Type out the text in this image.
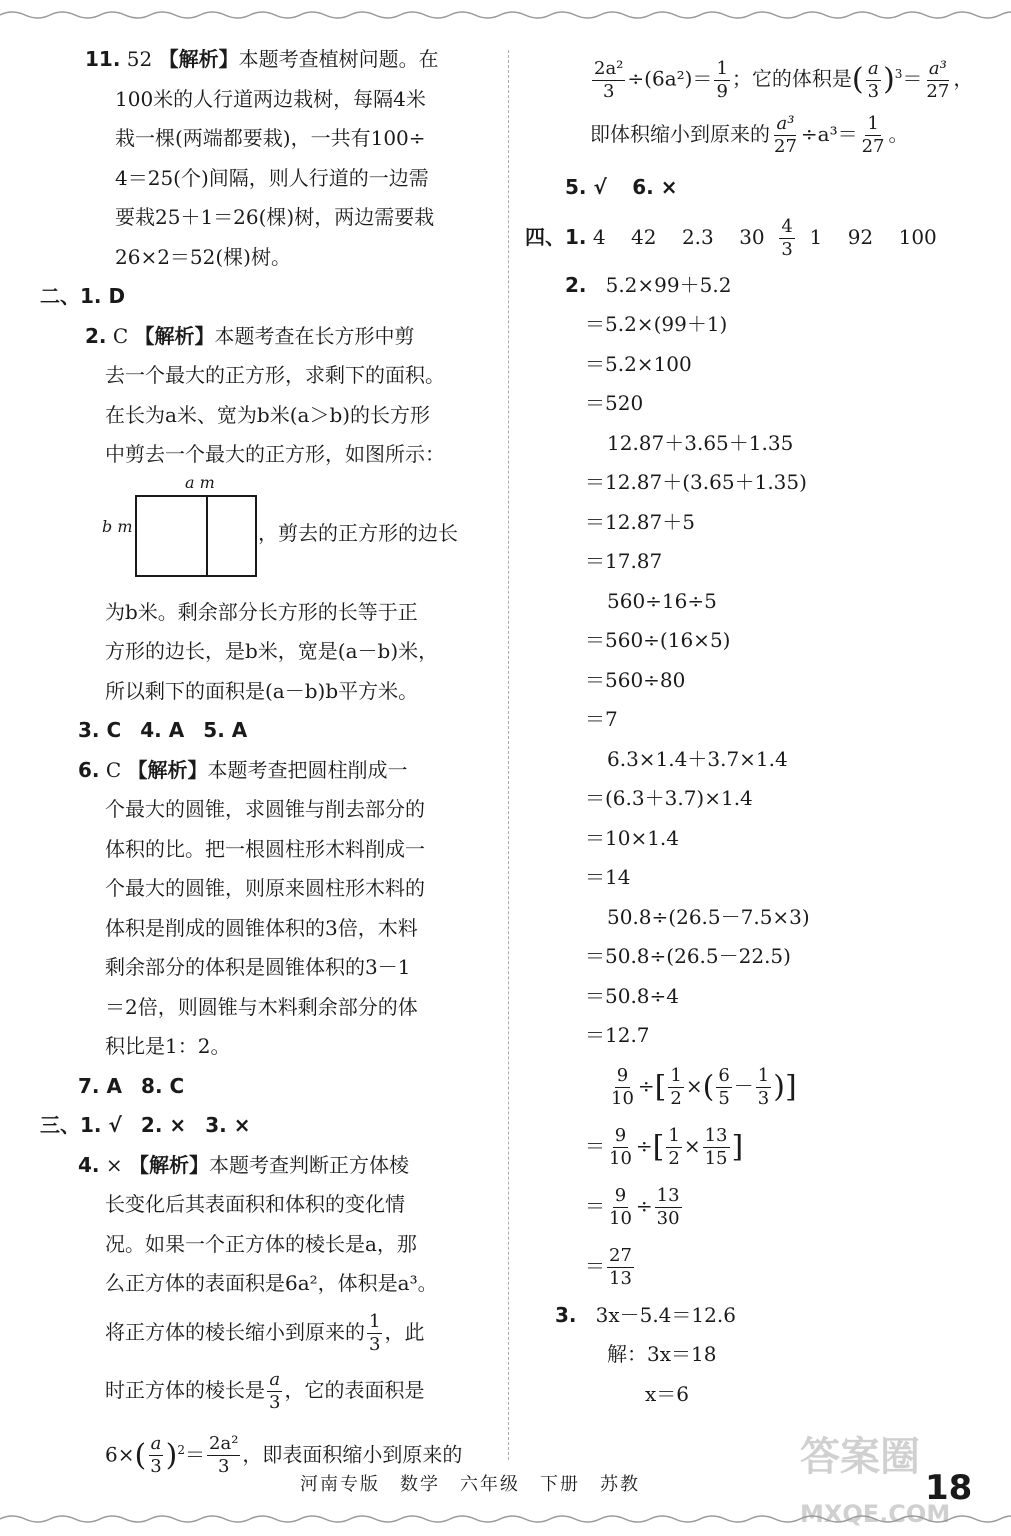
11. 52 【解析】本题考查植树问题。在
100米的人行道两边栽树，每隔4米
栽一棵(两端都要栽)，一共有100÷
4＝25(个)间隔，则人行道的一边需
要栽25＋1＝26(棵)树，两边需要栽
26×2＝52(棵)树。
二、1. D
2. C 【解析】本题考查在长方形中剪
去一个最大的正方形，求剩下的面积。
在长为a米、宽为b米(a＞b)的长方形
中剪去一个最大的正方形，如图所示：
a m
b m	，剪去的正方形的边长
为b米。剩余部分长方形的长等于正
方形的边长，是b米，宽是(a－b)米，
所以剩下的面积是(a－b)b平方米。
3. C 4. A 5. A
6. C 【解析】本题考查把圆柱削成一
个最大的圆锥，求圆锥与削去部分的
体积的比。把一根圆柱形木料削成一
个最大的圆锥，则原来圆柱形木料的
体积是削成的圆锥体积的3倍，木料
剩余部分的体积是圆锥体积的3－1
＝2倍，则圆锥与木料剩余部分的体
积比是1：2。
7. A 8. C
三、1. √ 2. × 3. ×
4. × 【解析】本题考查判断正方体棱
长变化后其表面积和体积的变化情
况。如果一个正方体的棱长是a，那
么正方体的表面积是6a²，体积是a³。
将正方体的棱长缩小到原来的 $\frac{1}{3}$ ，此
时正方体的棱长是 $\frac{a}{3}$ ，它的表面积是
$6\times( \frac{a}{3} )^2= \frac{\text{2a²}}{3}$ ，即表面积缩小到原来的
$\frac{\text{2a²}}{3} \div(6a^2)= \frac{1}{9}$ ；它的体积是( $\frac{a}{3} )^3= \frac{\text{a³}}{27}$ ，
即体积缩小到原来的 $\frac{\text{a³}}{27} \div a^3= \frac{1}{27}$ 。
5. √ 6. ×
四、1. 4 42 2.3 $30 \frac{4}{3} 1$ 92 100
2. 5.2×99＋5.2
＝5.2×(99＋1)
＝5.2×100
＝520
12.87＋3.65＋1.35
＝12.87＋(3.65＋1.35)
＝12.87＋5
＝17.87
560÷16÷5
＝560÷(16×5)
＝560÷80
＝7
6.3×1.4＋3.7×1.4
＝(6.3＋3.7)×1.4
＝10×1.4
＝14
50.8÷(26.5－7.5×3)
＝50.8÷(26.5－22.5)
＝50.8÷4
＝12.7
$\frac{9}{10}$ ÷[ $\frac{1}{2}$ ×( $\frac{6}{5} - \frac{1}{3}$ )]
＝ $\frac{9}{10}$ ÷[ $\frac{1}{2} \times \frac{13}{15}$ ]
＝ $\frac{9}{10} \div \frac{13}{30}$
＝ $\frac{27}{13}$
3. 3x－5.4＝12.6
解：3x＝18
x＝6
答案圈
MXQE.COM
河南专版　数学　六年级　下册　苏教	18
